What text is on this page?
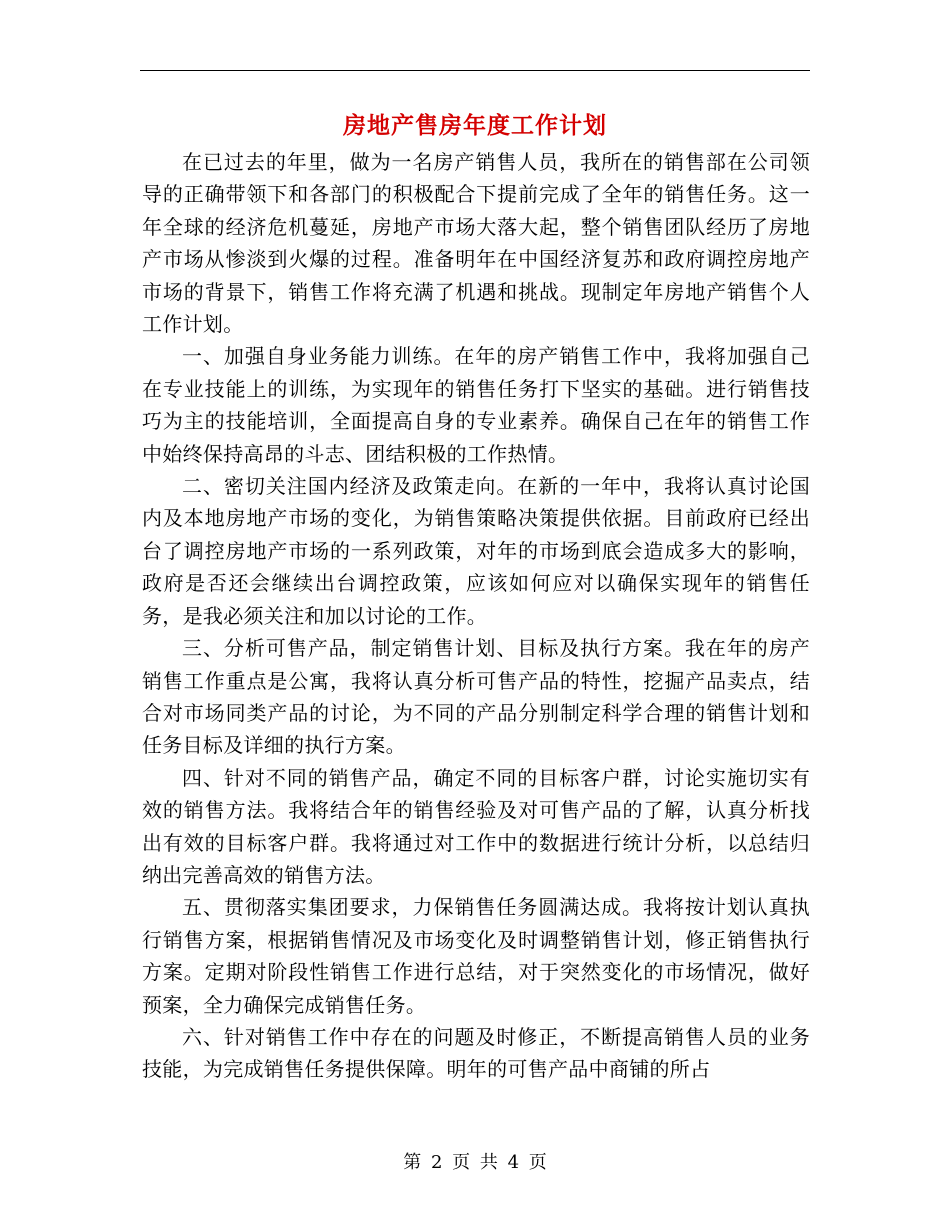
房地产售房年度工作计划

在已过去的年里，做为一名房产销售人员，我所在的销售部在公司领导的正确带领下和各部门的积极配合下提前完成了全年的销售任务。这一年全球的经济危机蔓延，房地产市场大落大起，整个销售团队经历了房地产市场从惨淡到火爆的过程。准备明年在中国经济复苏和政府调控房地产市场的背景下，销售工作将充满了机遇和挑战。现制定年房地产销售个人工作计划。

一、加强自身业务能力训练。在年的房产销售工作中，我将加强自己在专业技能上的训练，为实现年的销售任务打下坚实的基础。进行销售技巧为主的技能培训，全面提高自身的专业素养。确保自己在年的销售工作中始终保持高昂的斗志、团结积极的工作热情。

二、密切关注国内经济及政策走向。在新的一年中，我将认真讨论国内及本地房地产市场的变化，为销售策略决策提供依据。目前政府已经出台了调控房地产市场的一系列政策，对年的市场到底会造成多大的影响，政府是否还会继续出台调控政策，应该如何应对以确保实现年的销售任务，是我必须关注和加以讨论的工作。

三、分析可售产品，制定销售计划、目标及执行方案。我在年的房产销售工作重点是公寓，我将认真分析可售产品的特性，挖掘产品卖点，结合对市场同类产品的讨论，为不同的产品分别制定科学合理的销售计划和任务目标及详细的执行方案。

四、针对不同的销售产品，确定不同的目标客户群，讨论实施切实有效的销售方法。我将结合年的销售经验及对可售产品的了解，认真分析找出有效的目标客户群。我将通过对工作中的数据进行统计分析，以总结归纳出完善高效的销售方法。

五、贯彻落实集团要求，力保销售任务圆满达成。我将按计划认真执行销售方案，根据销售情况及市场变化及时调整销售计划，修正销售执行方案。定期对阶段性销售工作进行总结，对于突然变化的市场情况，做好预案，全力确保完成销售任务。

六、针对销售工作中存在的问题及时修正，不断提高销售人员的业务技能，为完成销售任务提供保障。明年的可售产品中商铺的所占

第 2 页 共 4 页
